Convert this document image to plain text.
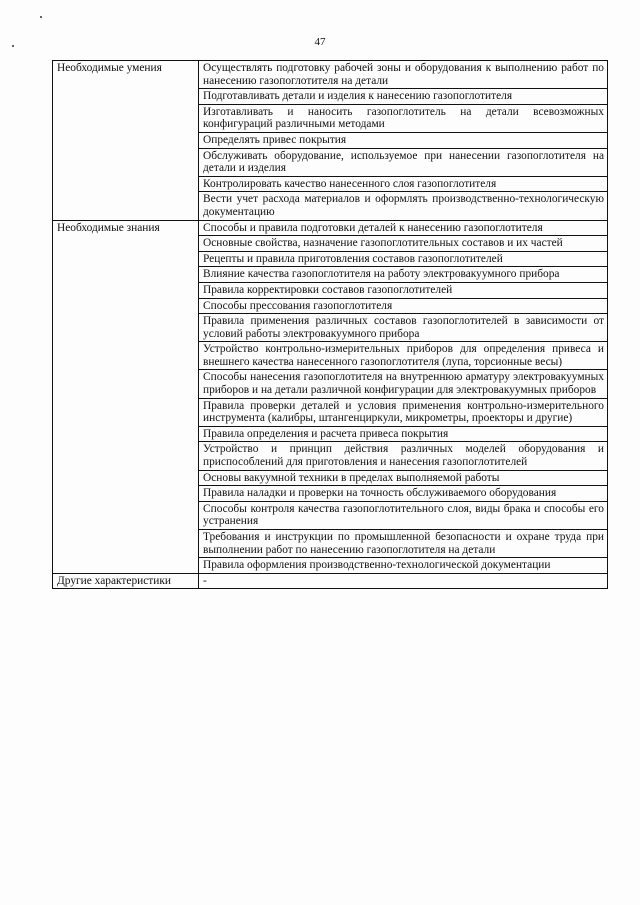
47
Необходимые умения	Осуществлять подготовку рабочей зоны и оборудования к выполнению работ по нанесению газопоглотителя на детали
	Подготавливать детали и изделия к нанесению газопоглотителя
	Изготавливать и наносить газопоглотитель на детали всевозможных конфигураций различными методами
	Определять привес покрытия
	Обслуживать оборудование, используемое при нанесении газопоглотителя на детали и изделия
	Контролировать качество нанесенного слоя газопоглотителя
	Вести учет расхода материалов и оформлять производственно-технологическую документацию
Необходимые знания	Способы и правила подготовки деталей к нанесению газопоглотителя
	Основные свойства, назначение газопоглотительных составов и их частей
	Рецепты и правила приготовления составов газопоглотителей
	Влияние качества газопоглотителя на работу электровакуумного прибора
	Правила корректировки составов газопоглотителей
	Способы прессования газопоглотителя
	Правила применения различных составов газопоглотителей в зависимости от условий работы электровакуумного прибора
	Устройство контрольно-измерительных приборов для определения привеса и внешнего качества нанесенного газопоглотителя (лупа, торсионные весы)
	Способы нанесения газопоглотителя на внутреннюю арматуру электровакуумных приборов и на детали различной конфигурации для электровакуумных приборов
	Правила проверки деталей и условия применения контрольно-измерительного инструмента (калибры, штангенциркули, микрометры, проекторы и другие)
	Правила определения и расчета привеса покрытия
	Устройство и принцип действия различных моделей оборудования и приспособлений для приготовления и нанесения газопоглотителей
	Основы вакуумной техники в пределах выполняемой работы
	Правила наладки и проверки на точность обслуживаемого оборудования
	Способы контроля качества газопоглотительного слоя, виды брака и способы его устранения
	Требования и инструкции по промышленной безопасности и охране труда при выполнении работ по нанесению газопоглотителя на детали
	Правила оформления производственно-технологической документации
Другие характеристики	-
